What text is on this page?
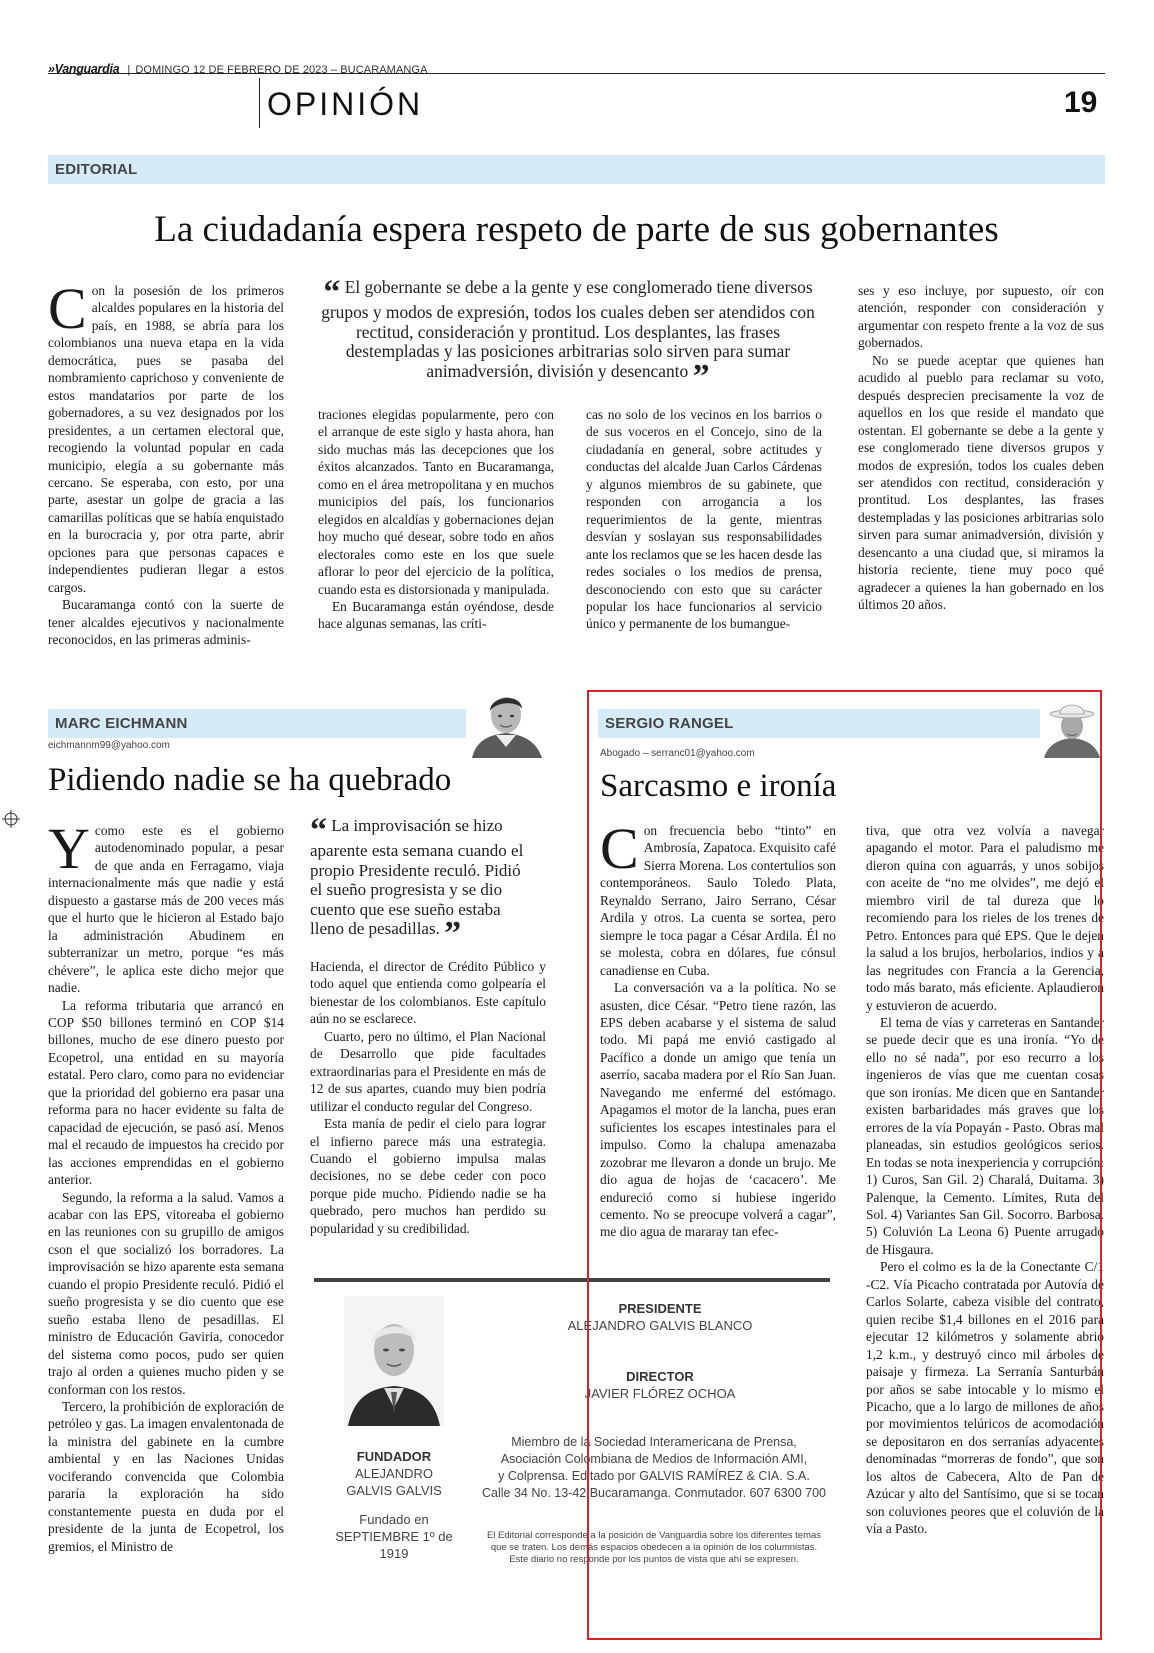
»Vanguardia | DOMINGO 12 DE FEBRERO DE 2023 – BUCARAMANGA
OPINIÓN	19
EDITORIAL
La ciudadanía espera respeto de parte de sus gobernantes
C on la posesión de los primeros alcaldes populares en la historia del país, en 1988, se abría para los colombianos una nueva etapa en la vida democrática, pues se pasaba del nombramiento caprichoso y conveniente de estos mandatarios por parte de los gobernadores, a su vez designados por los presidentes, a un certamen electoral que, recogiendo la voluntad popular en cada municipio, elegía a su gobernante más cercano. Se esperaba, con esto, por una parte, asestar un golpe de gracia a las camarillas políticas que se había enquistado en la burocracia y, por otra parte, abrir opciones para que personas capaces e independientes pudieran llegar a estos cargos.

Bucaramanga contó con la suerte de tener alcaldes ejecutivos y nacionalmente reconocidos, en las primeras adminis-

“ El gobernante se debe a la gente y ese conglomerado tiene diversos grupos y modos de expresión, todos los cuales deben ser atendidos con rectitud, consideración y prontitud. Los desplantes, las frases destempladas y las posiciones arbitrarias solo sirven para sumar animadversión, división y desencanto ”

traciones elegidas popularmente, pero con el arranque de este siglo y hasta ahora, han sido muchas más las decepciones que los éxitos alcanzados. Tanto en Bucaramanga, como en el área metropolitana y en muchos municipios del país, los funcionarios elegidos en alcaldías y gobernaciones dejan hoy mucho qué desear, sobre todo en años electorales como este en los que suele aflorar lo peor del ejercicio de la política, cuando esta es distorsionada y manipulada.

En Bucaramanga están oyéndose, desde hace algunas semanas, las críti-

cas no solo de los vecinos en los barrios o de sus voceros en el Concejo, sino de la ciudadanía en general, sobre actitudes y conductas del alcalde Juan Carlos Cárdenas y algunos miembros de su gabinete, que responden con arrogancia a los requerimientos de la gente, mientras desvían y soslayan sus responsabilidades ante los reclamos que se les hacen desde las redes sociales o los medios de prensa, desconociendo con esto que su carácter popular los hace funcionarios al servicio único y permanente de los bumangue-

ses y eso incluye, por supuesto, oír con atención, responder con consideración y argumentar con respeto frente a la voz de sus gobernados.

No se puede aceptar que quienes han acudido al pueblo para reclamar su voto, después desprecien precisamente la voz de aquellos en los que reside el mandato que ostentan. El gobernante se debe a la gente y ese conglomerado tiene diversos grupos y modos de expresión, todos los cuales deben ser atendidos con rectitud, consideración y prontitud. Los desplantes, las frases destempladas y las posiciones arbitrarias solo sirven para sumar animadversión, división y desencanto a una ciudad que, si miramos la historia reciente, tiene muy poco qué agradecer a quienes la han gobernado en los últimos 20 años.

MARC EICHMANN
eichmannm99@yahoo.com
Pidiendo nadie se ha quebrado
Y como este es el gobierno autodenominado popular, a pesar de que anda en Ferragamo, viaja internacionalmente más que nadie y está dispuesto a gastarse más de 200 veces más que el hurto que le hicieron al Estado bajo la administración Abudinem en subterranizar un metro, porque “es más chévere”, le aplica este dicho mejor que nadie.

La reforma tributaria que arrancó en COP $50 billones terminó en COP $14 billones, mucho de ese dinero puesto por Ecopetrol, una entidad en su mayoría estatal. Pero claro, como para no evidenciar que la prioridad del gobierno era pasar una reforma para no hacer evidente su falta de capacidad de ejecución, se pasó así. Menos mal el recaudo de impuestos ha crecido por las acciones emprendidas en el gobierno anterior.

Segundo, la reforma a la salud. Vamos a acabar con las EPS, vitoreaba el gobierno en las reuniones con su grupillo de amigos cson el que socializó los borradores. La improvisación se hizo aparente esta semana cuando el propio Presidente reculó. Pidió el sueño progresista y se dio cuento que ese sueño estaba lleno de pesadillas. El ministro de Educación Gaviria, conocedor del sistema como pocos, pudo ser quien trajo al orden a quienes mucho piden y se conforman con los restos.

Tercero, la prohibición de exploración de petróleo y gas. La imagen envalentonada de la ministra del gabinete en la cumbre ambiental y en las Naciones Unidas vociferando convencida que Colombia pararía la exploración ha sido constantemente puesta en duda por el presidente de la junta de Ecopetrol, los gremios, el Ministro de

“ La improvisación se hizo aparente esta semana cuando el propio Presidente reculó. Pidió el sueño progresista y se dio cuento que ese sueño estaba lleno de pesadillas. ”

Hacienda, el director de Crédito Público y todo aquel que entienda como golpearía el bienestar de los colombianos. Este capítulo aún no se esclarece.

Cuarto, pero no último, el Plan Nacional de Desarrollo que pide facultades extraordinarias para el Presidente en más de 12 de sus apartes, cuando muy bien podría utilizar el conducto regular del Congreso.

Esta manía de pedir el cielo para lograr el infierno parece más una estrategia. Cuando el gobierno impulsa malas decisiones, no se debe ceder con poco porque pide mucho. Pidiendo nadie se ha quebrado, pero muchos han perdido su popularidad y su credibilidad.

FUNDADOR
ALEJANDRO
GALVIS GALVIS
Fundado en
SEPTIEMBRE 1º de 1919
PRESIDENTE
ALEJANDRO GALVIS BLANCO
DIRECTOR
JAVIER FLÓREZ OCHOA
Miembro de la Sociedad Interamericana de Prensa,
Asociación Colombiana de Medios de Información AMI,
y Colprensa. Editado por GALVIS RAMÍREZ & CIA. S.A.
Calle 34 No. 13-42 Bucaramanga. Conmutador. 607 6300 700
El Editorial corresponde a la posición de Vanguardia sobre los diferentes temas
que se traten. Los demás espacios obedecen a la opinión de los columnistas.
Este diario no responde por los puntos de vista que ahí se expresen.
SERGIO RANGEL
Abogado – serranc01@yahoo.com
Sarcasmo e ironía
C on frecuencia bebo “tinto” en Ambrosía, Zapatoca. Exquisito café Sierra Morena. Los contertulios son contemporáneos. Saulo Toledo Plata, Reynaldo Serrano, Jairo Serrano, César Ardila y otros. La cuenta se sortea, pero siempre le toca pagar a César Ardila. Él no se molesta, cobra en dólares, fue cónsul canadiense en Cuba.

La conversación va a la política. No se asusten, dice César. “Petro tiene razón, las EPS deben acabarse y el sistema de salud todo. Mi papá me envió castigado al Pacífico a donde un amigo que tenía un aserrío, sacaba madera por el Río San Juan. Navegando me enfermé del estómago. Apagamos el motor de la lancha, pues eran suficientes los escapes intestinales para el impulso. Como la chalupa amenazaba zozobrar me llevaron a donde un brujo. Me dio agua de hojas de ‘cacacero’. Me endureció como si hubiese ingerido cemento. No se preocupe volverá a cagar”, me dio agua de mararay tan efec-

tiva, que otra vez volvía a navegar apagando el motor. Para el paludismo me dieron quina con aguarrás, y unos sobijos con aceite de “no me olvides”, me dejó el miembro viril de tal dureza que lo recomiendo para los rieles de los trenes de Petro. Entonces para qué EPS. Que le dejen la salud a los brujos, herbolarios, indios y a las negritudes con Francia a la Gerencia, todo más barato, más eficiente. Aplaudieron y estuvieron de acuerdo.

El tema de vías y carreteras en Santander se puede decir que es una ironía. “Yo de ello no sé nada”, por eso recurro a los ingenieros de vías que me cuentan cosas que son ironías. Me dicen que en Santander existen barbaridades más graves que los errores de la vía Popayán - Pasto. Obras mal planeadas, sin estudios geológicos serios. En todas se nota inexperiencia y corrupción: 1) Curos, San Gil. 2) Charalá, Duitama. 3) Palenque, la Cemento. Límites, Ruta del Sol. 4) Variantes San Gil. Socorro. Barbosa. 5) Coluvión La Leona 6) Puente arrugado de Hisgaura.

Pero el colmo es la de la Conectante C/1 -C2. Vía Picacho contratada por Autovía de Carlos Solarte, cabeza visible del contrato, quien recibe $1,4 billones en el 2016 para ejecutar 12 kilómetros y solamente abrió 1,2 k.m., y destruyó cinco mil árboles de paisaje y firmeza. La Serranía Santurbán por años se sabe intocable y lo mismo el Picacho, que a lo largo de millones de años por movimientos telúricos de acomodación se depositaron en dos serranías adyacentes denominadas “morreras de fondo”, que son los altos de Cabecera, Alto de Pan de Azúcar y alto del Santísimo, que si se tocan son coluviones peores que el coluvión de la vía a Pasto.
